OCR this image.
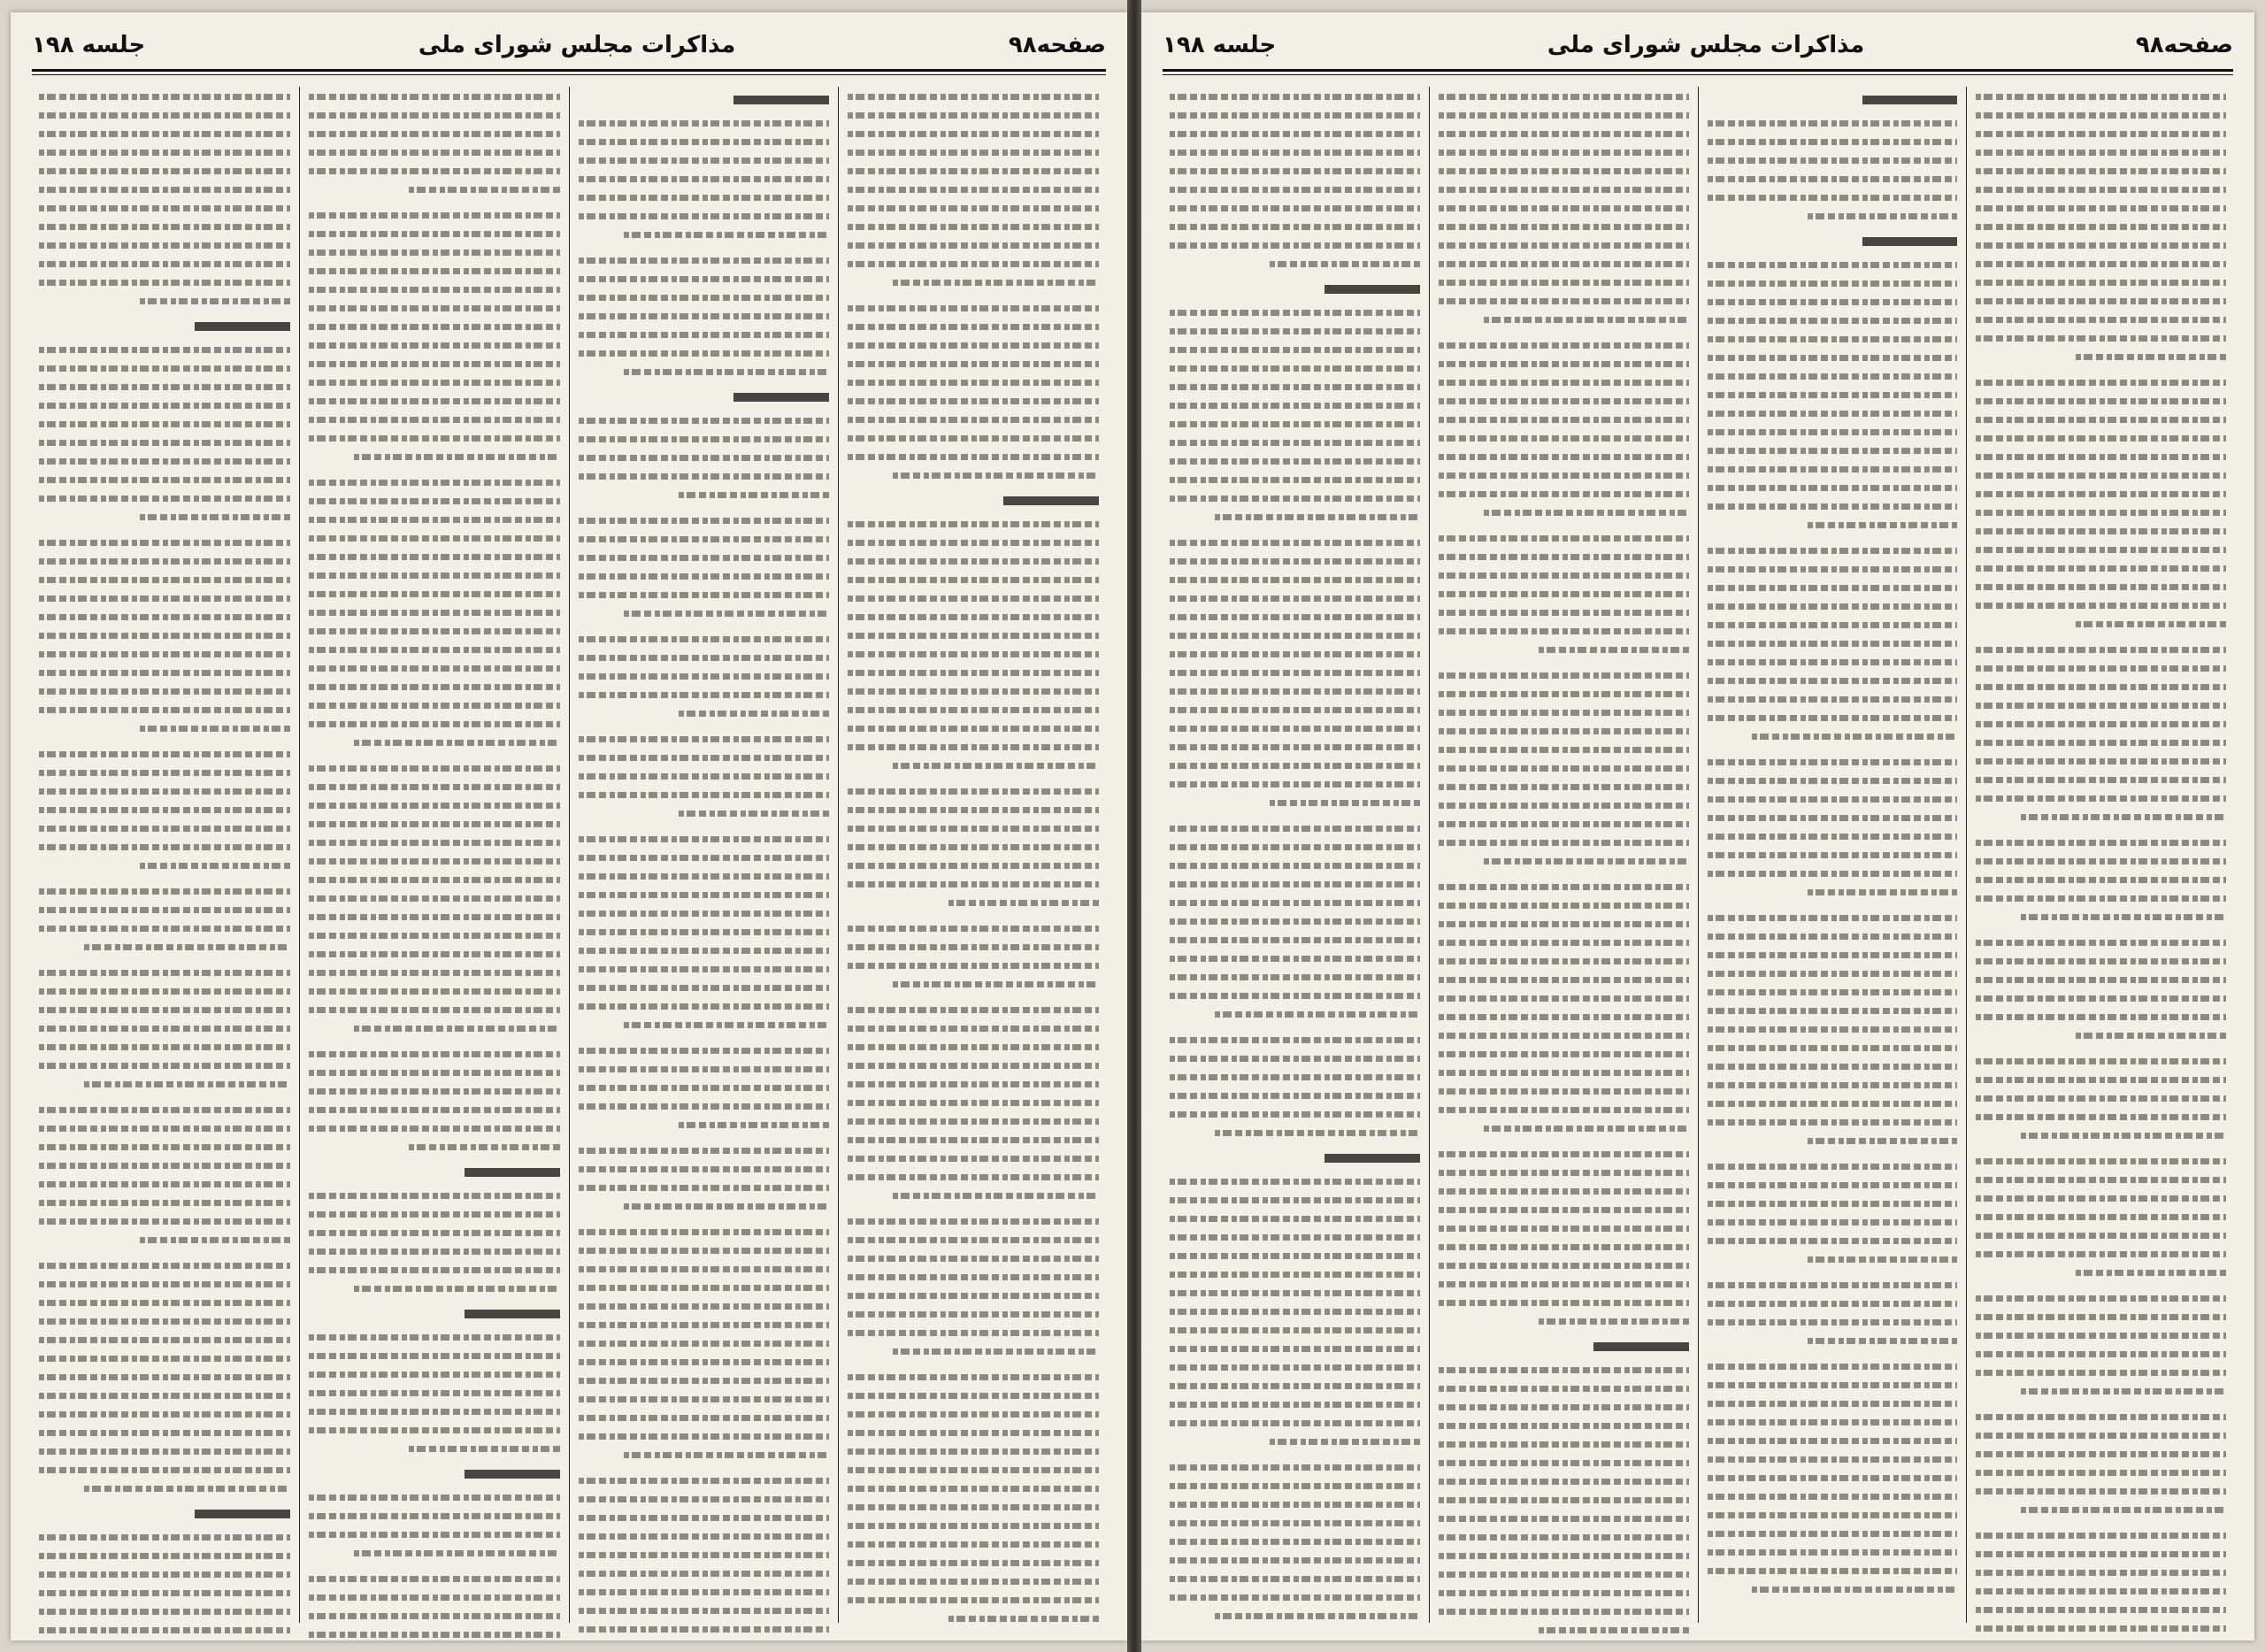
صفحه۹۸
مذاکرات مجلس شورای ملی
جلسه ۱۹۸
صفحه۹۸
مذاکرات مجلس شورای ملی
جلسه ۱۹۸
